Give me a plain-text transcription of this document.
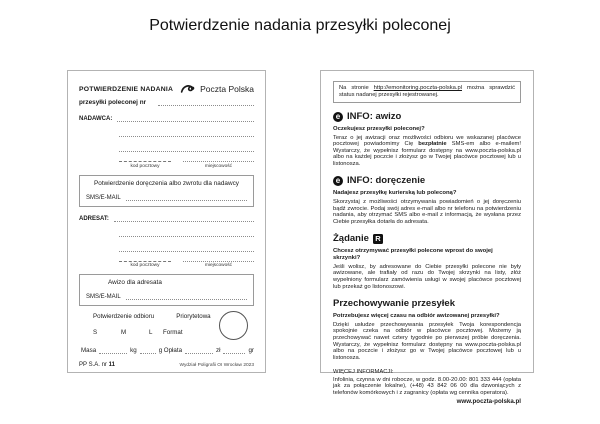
Potwierdzenie nadania przesyłki poleconej
POTWIERDZENIE NADANIA	Poczta Polska
przesyłki poleconej nr
NADAWCA:
kod pocztowy	miejscowość
Potwierdzenie doręczenia albo zwrotu dla nadawcy
SMS/E-MAIL
ADRESAT:
kod pocztowy	miejscowość
Awizo dla adresata
SMS/E-MAIL
Potwierdzenie odbioru	Priorytetowa
S	M	L	Format
Masa	kg	g Opłata	zł	gr
PP S.A. nr 11	Wydział Poligrafii OI Wrocław 2023
Na stronie http://emonitoring.poczta-polska.pl można sprawdzić status nadanej przesyłki rejestrowanej.
e INFO: awizo
Oczekujesz przesyłki poleconej?
Teraz o jej awizacji oraz możliwości odbioru we wskazanej placówce pocztowej powiadomimy Cię bezpłatnie SMS-em albo e-mailem! Wystarczy, że wypełnisz formularz dostępny na www.poczta-polska.pl albo na każdej poczcie i złożysz go w Twojej placówce pocztowej lub u listonosza.
e INFO: doręczenie
Nadajesz przesyłkę kurierską lub poleconą?
Skorzystaj z możliwości otrzymywania powiadomień o jej doręczeniu bądź zwrocie. Podaj swój adres e-mail albo nr telefonu na potwierdzeniu nadania, aby otrzymać SMS albo e-mail z informacją, że wysłana przez Ciebie przesyłka dotarła do adresata.
Żądanie R
Chcesz otrzymywać przesyłki polecone wprost do swojej skrzynki?
Jeśli wolisz, by adresowane do Ciebie przesyłki polecone nie były awizowane, ale trafiały od razu do Twojej skrzynki na listy, złóż wypełniony formularz zamówienia usługi w swojej placówce pocztowej lub przekaż go listonoszowi.
Przechowywanie przesyłek
Potrzebujesz więcej czasu na odbiór awizowanej przesyłki?
Dzięki usłudze przechowywania przesyłek Twoja korespondencja spokojnie czeka na odbiór w placówce pocztowej. Możemy ją przechowywać nawet cztery tygodnie po pierwszej próbie doręczenia. Wystarczy, że wypełnisz formularz dostępny na www.poczta-polska.pl albo na poczcie i złożysz go w Twojej placówce pocztowej lub u listonosza.
WIĘCEJ INFORMACJI:
Infolinia, czynna w dni robocze, w godz. 8.00-20.00: 801 333 444 (opłata jak za połączenie lokalne), (+48) 43 842 06 00 dla dzwoniących z telefonów komórkowych i z zagranicy (opłata wg cennika operatora).
www.poczta-polska.pl
